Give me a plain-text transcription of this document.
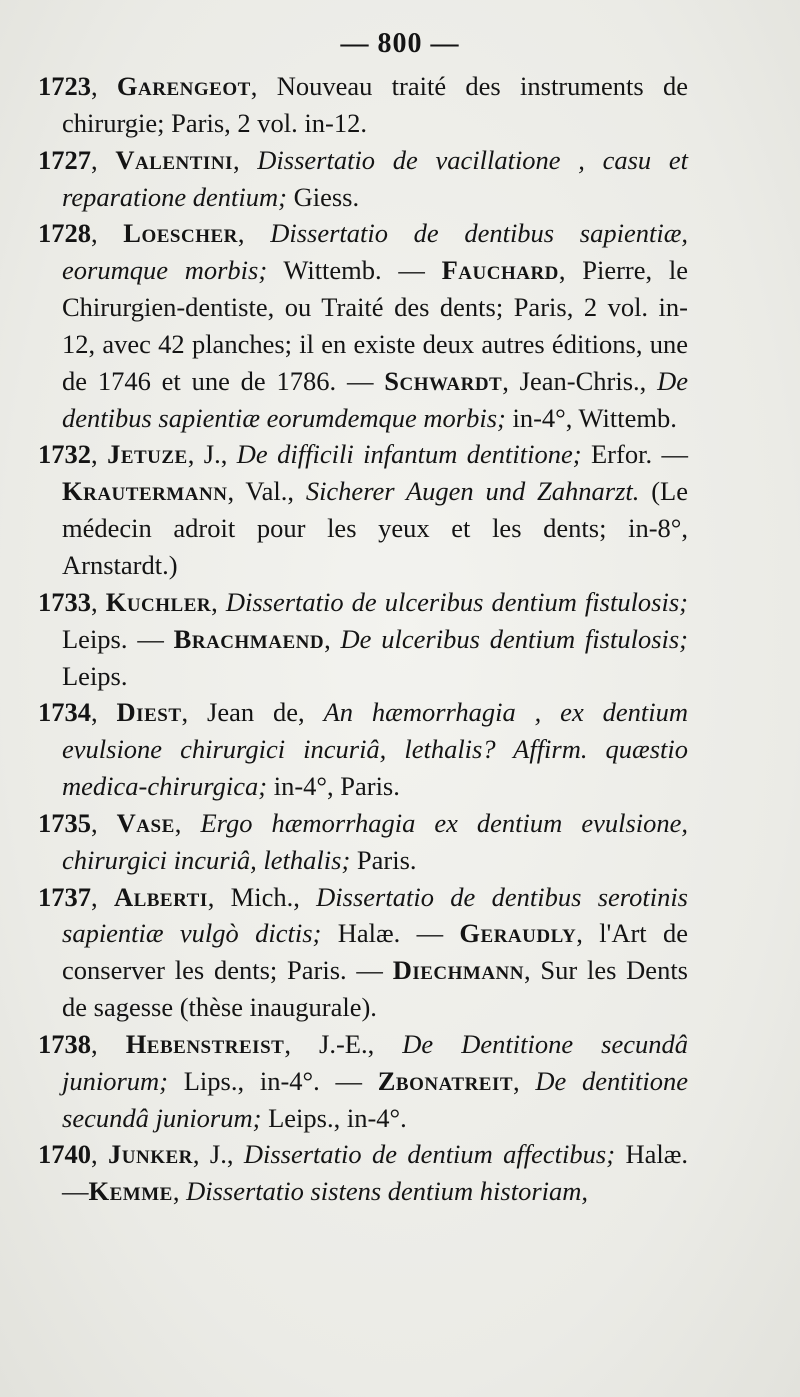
— 800 —

1723, Garengeot, Nouveau traité des instruments de chirurgie; Paris, 2 vol. in-12.

1727, Valentini, Dissertatio de vacillatione , casu et reparatione dentium; Giess.

1728, Loescher, Dissertatio de dentibus sapientiæ, eorumque morbis; Wittemb. — Fauchard, Pierre, le Chirurgien-dentiste, ou Traité des dents; Paris, 2 vol. in-12, avec 42 planches; il en existe deux autres éditions, une de 1746 et une de 1786. — Schwardt, Jean-Chris., De dentibus sapientiæ eorumdemque morbis; in-4°, Wittemb.

1732, Jetuze, J., De difficili infantum dentitione; Erfor. — Krautermann, Val., Sicherer Augen und Zahnarzt. (Le médecin adroit pour les yeux et les dents; in-8°, Arnstardt.)

1733, Kuchler, Dissertatio de ulceribus dentium fistulosis; Leips. — Brachmaend, De ulceribus dentium fistulosis; Leips.

1734, Diest, Jean de, An hæmorrhagia , ex dentium evulsione chirurgici incuriâ, lethalis? Affirm. quæstio medica-chirurgica; in-4°, Paris.

1735, Vase, Ergo hæmorrhagia ex dentium evulsione, chirurgici incuriâ, lethalis; Paris.

1737, Alberti, Mich., Dissertatio de dentibus serotinis sapientiæ vulgò dictis; Halæ. — Geraudly, l'Art de conserver les dents; Paris. — Diechmann, Sur les Dents de sagesse (thèse inaugurale).

1738, Hebenstreist, J.-E., De Dentitione secundâ juniorum; Lips., in-4°. — Zbonatreit, De dentitione secundâ juniorum; Leips., in-4°.

1740, Junker, J., Dissertatio de dentium affectibus; Halæ.—Kemme, Dissertatio sistens dentium historiam,
